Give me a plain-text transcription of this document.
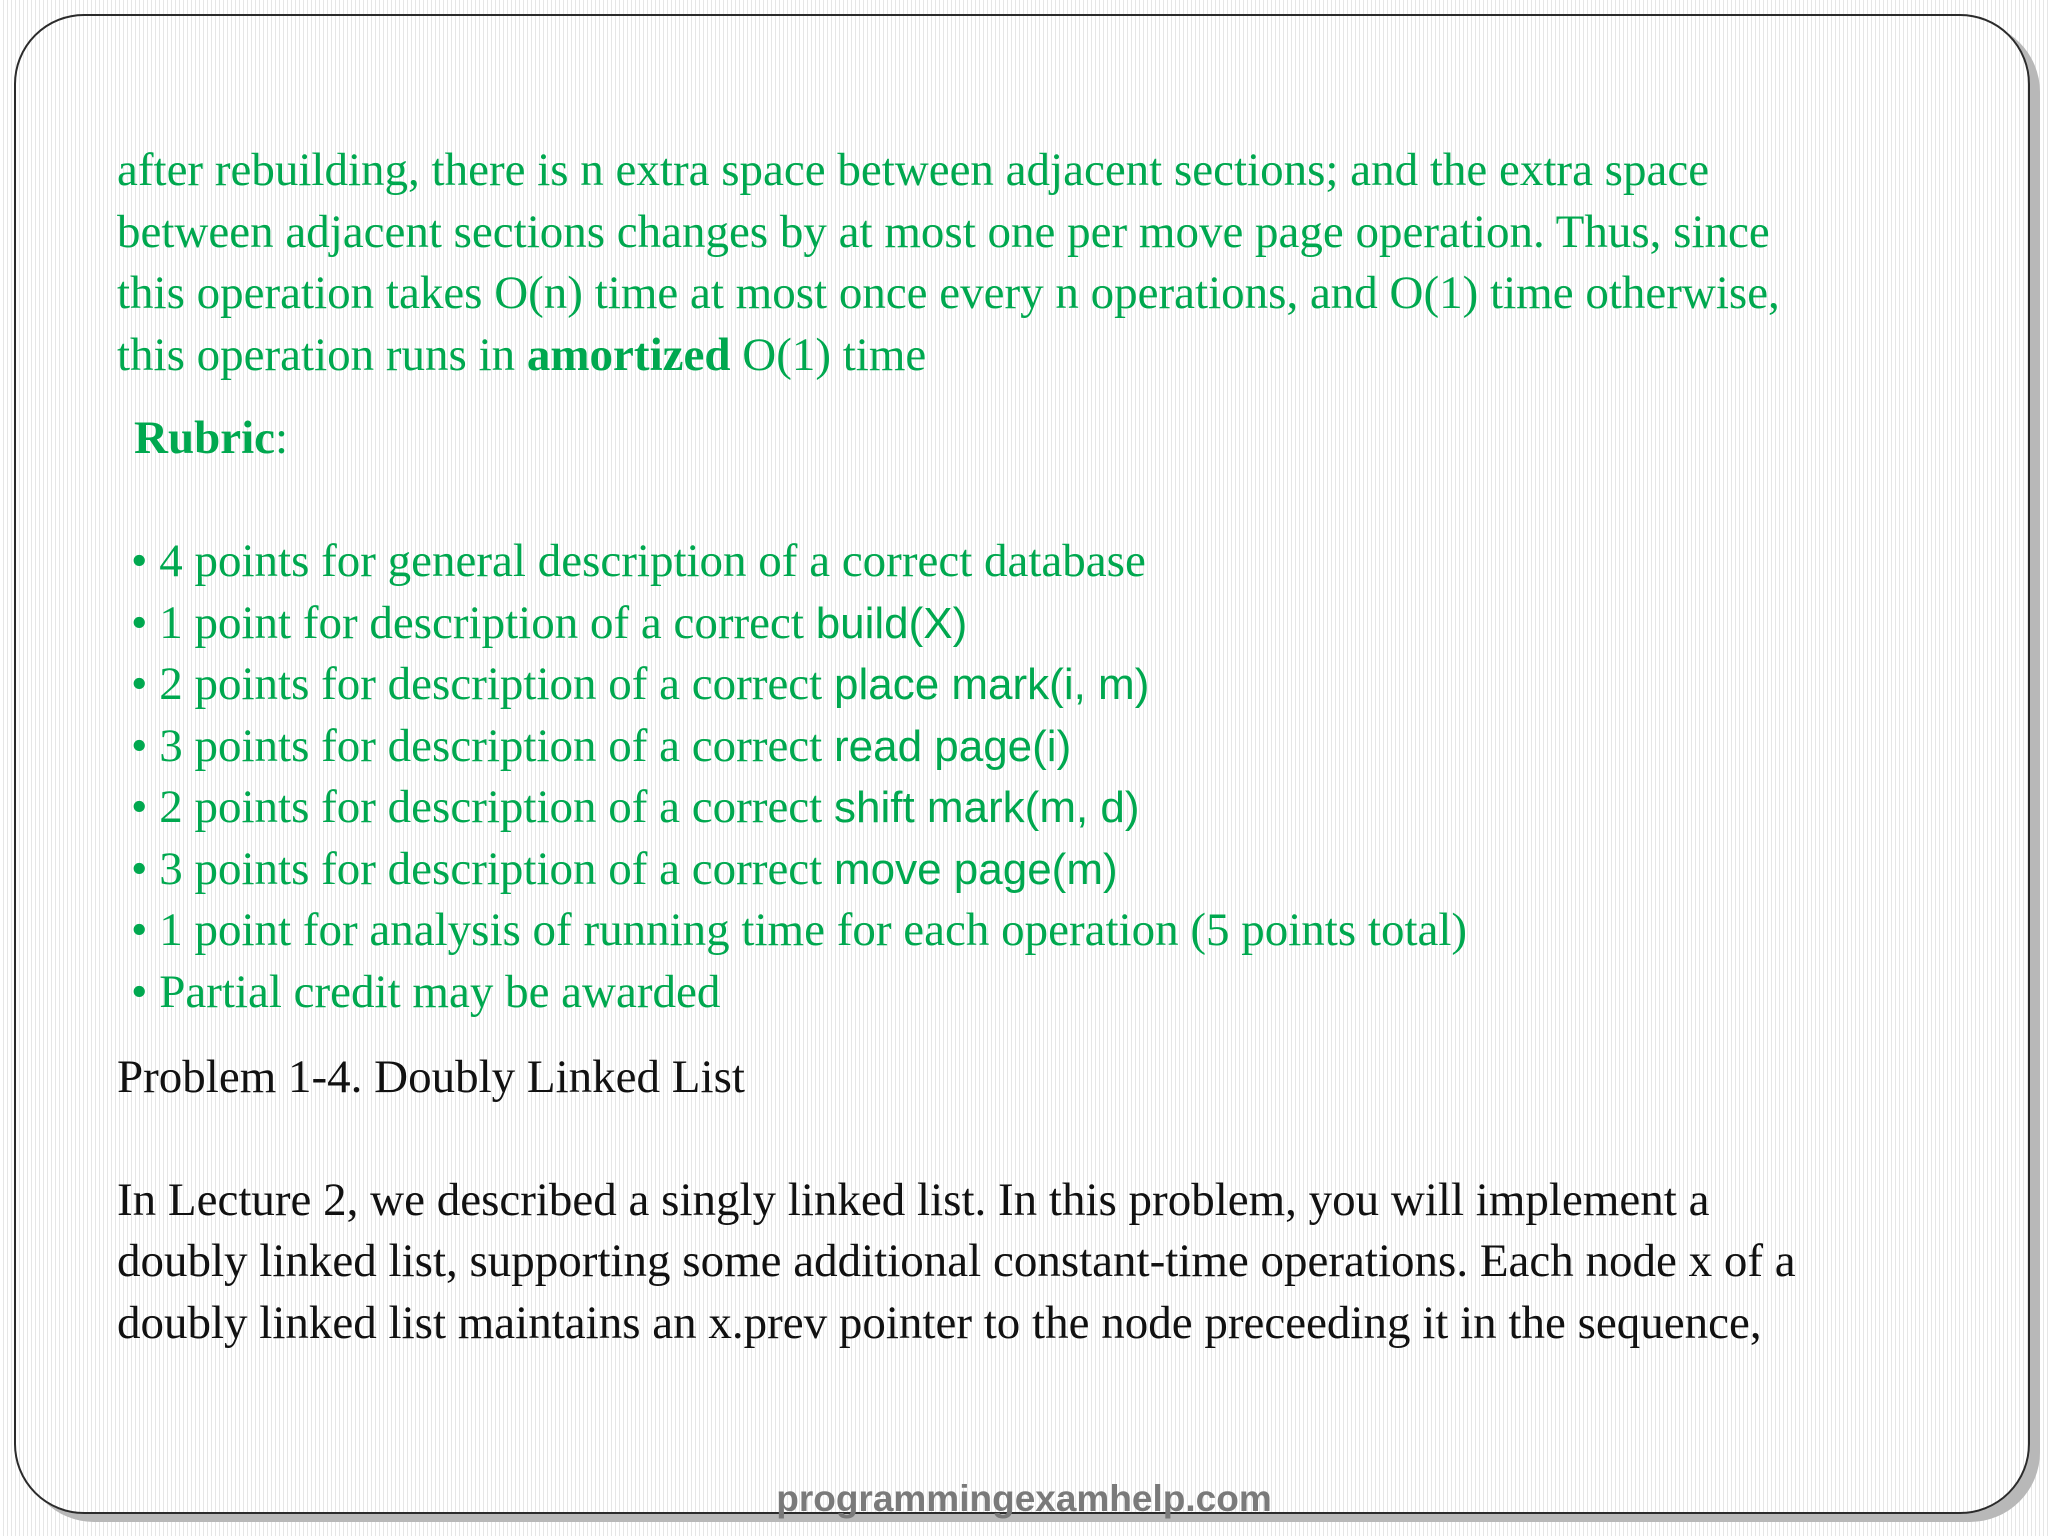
after rebuilding, there is n extra space between adjacent sections; and the extra space
between adjacent sections changes by at most one per move page operation. Thus, since
this operation takes O(n) time at most once every n operations, and O(1) time otherwise,
this operation runs in amortized O(1) time
Rubric:
• 4 points for general description of a correct database
• 1 point for description of a correct build(X)
• 2 points for description of a correct place mark(i, m)
• 3 points for description of a correct read page(i)
• 2 points for description of a correct shift mark(m, d)
• 3 points for description of a correct move page(m)
• 1 point for analysis of running time for each operation (5 points total)
• Partial credit may be awarded
Problem 1-4. Doubly Linked List
In Lecture 2, we described a singly linked list. In this problem, you will implement a
doubly linked list, supporting some additional constant-time operations. Each node x of a
doubly linked list maintains an x.prev pointer to the node preceeding it in the sequence,
programmingexamhelp.com
